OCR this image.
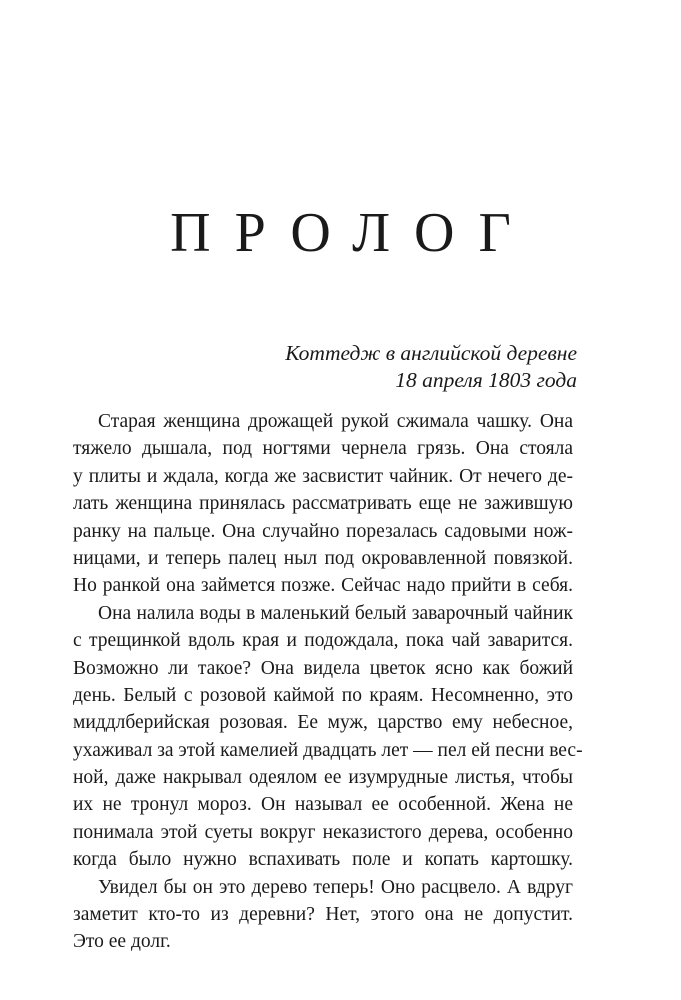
ПРОЛОГ
Коттедж в английской деревне
18 апреля 1803 года

Старая женщина дрожащей рукой сжимала чашку. Она
тяжело дышала, под ногтями чернела грязь. Она стояла
у плиты и ждала, когда же засвистит чайник. От нечего де-
лать женщина принялась рассматривать еще не зажившую
ранку на пальце. Она случайно порезалась садовыми нож-
ницами, и теперь палец ныл под окровавленной повязкой.
Но ранкой она займется позже. Сейчас надо прийти в себя.

Она налила воды в маленький белый заварочный чайник
с трещинкой вдоль края и подождала, пока чай заварится.
Возможно ли такое? Она видела цветок ясно как божий
день. Белый с розовой каймой по краям. Несомненно, это
миддлберийская розовая. Ее муж, царство ему небесное,
ухаживал за этой камелией двадцать лет — пел ей песни вес-
ной, даже накрывал одеялом ее изумрудные листья, чтобы
их не тронул мороз. Он называл ее особенной. Жена не
понимала этой суеты вокруг неказистого дерева, особенно
когда было нужно вспахивать поле и копать картошку.

Увидел бы он это дерево теперь! Оно расцвело. А вдруг
заметит кто-то из деревни? Нет, этого она не допустит.
Это ее долг.
